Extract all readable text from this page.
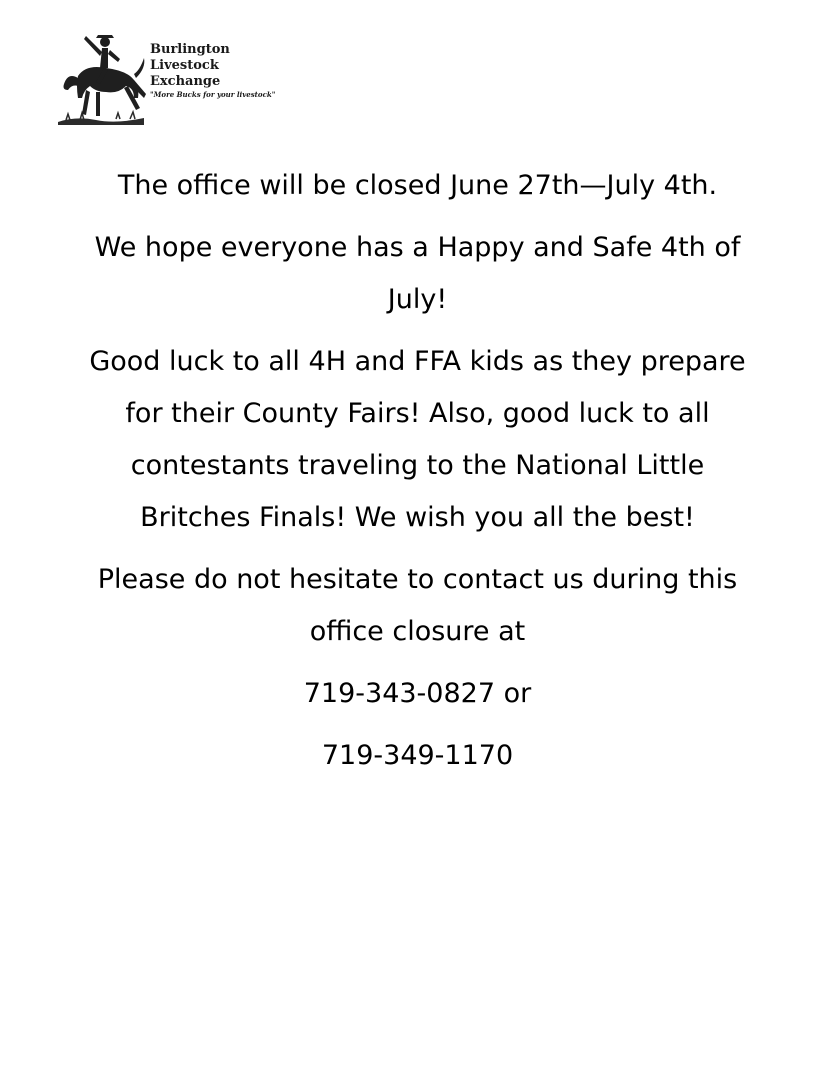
Burlington
Livestock
Exchange
"More Bucks for your livestock"

The office will be closed June 27th—July 4th.

We hope everyone has a Happy and Safe 4th of July!

Good luck to all 4H and FFA kids as they prepare for their County Fairs! Also, good luck to all contestants traveling to the National Little Britches Finals! We wish you all the best!

Please do not hesitate to contact us during this office closure at

719-343-0827 or

719-349-1170
